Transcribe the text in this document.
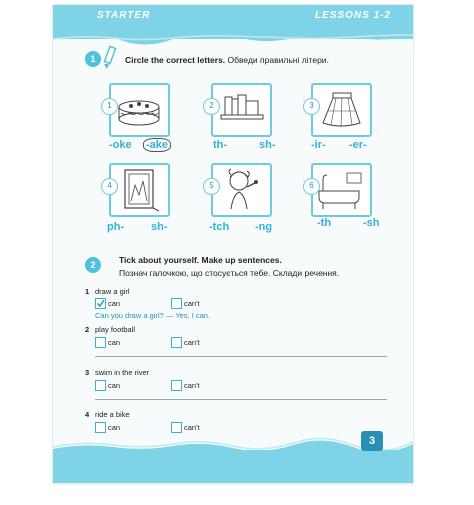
STARTER	LESSONS 1-2
1	Circle the correct letters. Обведи правильні літери.
1	2	3
-oke -ake	th-	sh-	-ir- -er-
4	5	6
ph- sh-	-tch -ng	-th	-sh
2	Tick about yourself. Make up sentences.
Познач галочкою, що стосується тебе. Склади речення.
1 draw a girl
can	can't
Can you draw a girl? — Yes, I can.
2 play football
can	can't
3 swim in the river
can	can't
4 ride a bike
can	can't
3
